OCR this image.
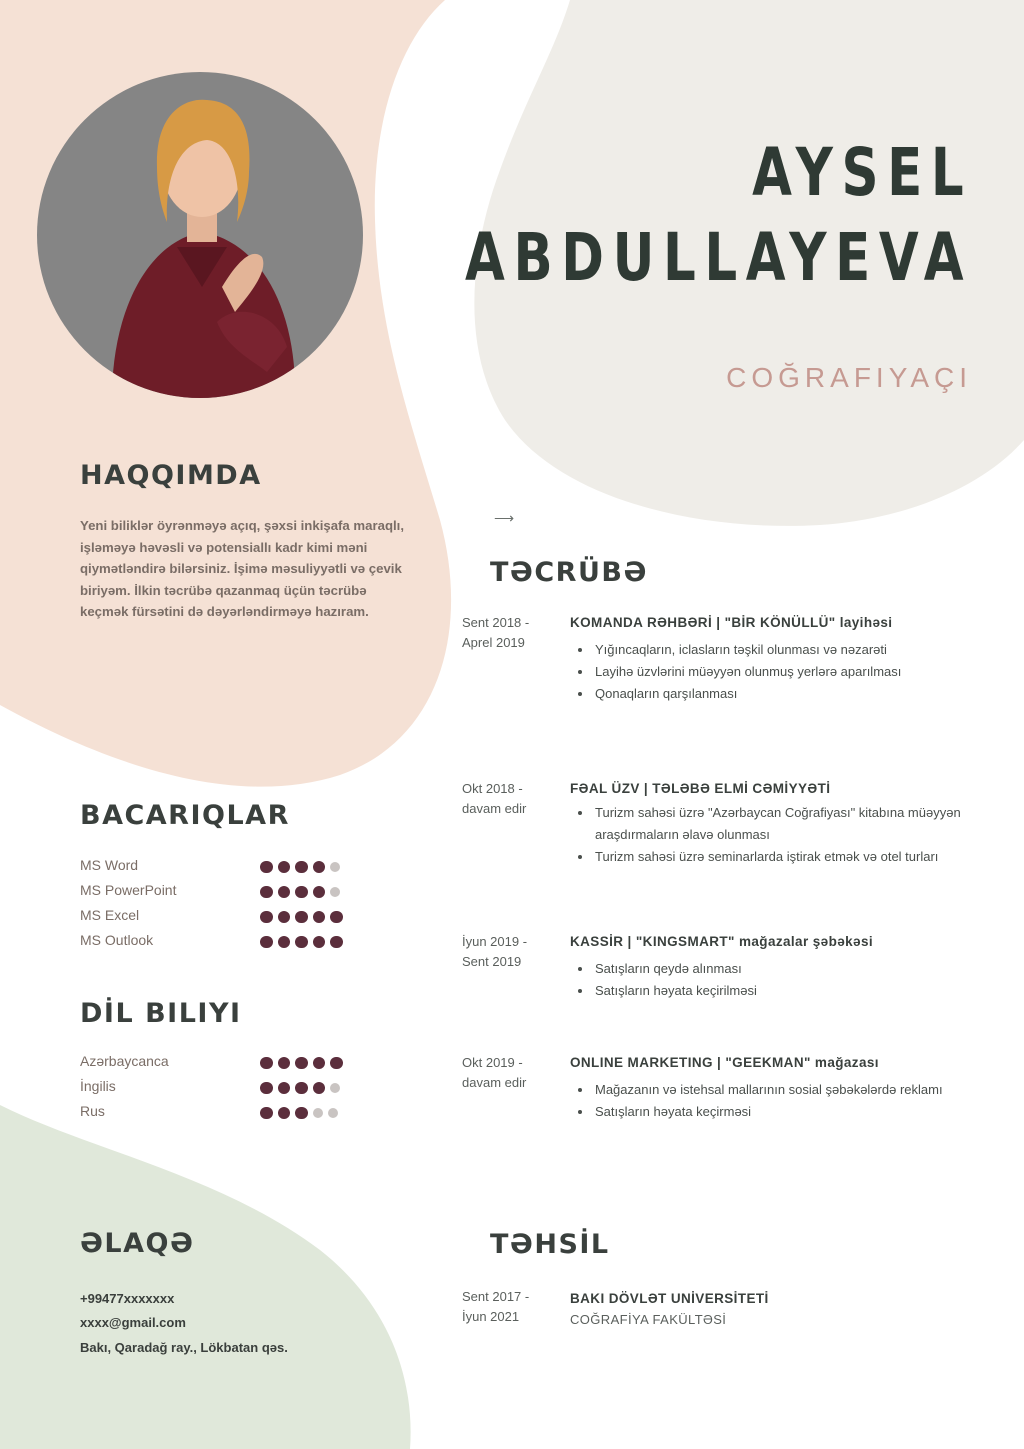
AYSEL
ABDULLAYEVA
COĞRAFIYAÇI
HAQQIMDA
Yeni biliklər öyrənməyə açıq, şəxsi inkişafa maraqlı, işləməyə həvəsli və potensiallı kadr kimi məni qiymətləndirə bilərsiniz. İşimə məsuliyyətli və çevik biriyəm. İlkin təcrübə qazanmaq üçün təcrübə keçmək fürsətini də dəyərləndirməyə hazıram.
BACARIQLAR
MS Word
MS PowerPoint
MS Excel
MS Outlook
DİL BILIYI
Azərbaycanca
İngilis
Rus
ƏLAQƏ
+99477xxxxxxx
xxxx@gmail.com
Bakı, Qaradağ ray., Lökbatan qəs.
⟶
TƏCRÜBƏ
Sent 2018 -
Aprel 2019
KOMANDA RƏHBƏRİ | "BİR KÖNÜLLÜ" layihəsi
• Yığıncaqların, iclasların təşkil olunması və nəzarəti
• Layihə üzvlərini müəyyən olunmuş yerlərə aparılması
• Qonaqların qarşılanması
Okt 2018 -
davam edir
FƏAL ÜZV | TƏLƏBƏ ELMİ CƏMİYYƏTİ
• Turizm sahəsi üzrə "Azərbaycan Coğrafiyası" kitabına müəyyən araşdırmaların əlavə olunması
• Turizm sahəsi üzrə seminarlarda iştirak etmək və otel turları
İyun 2019 -
Sent 2019
KASSİR | "KINGSMART" mağazalar şəbəkəsi
• Satışların qeydə alınması
• Satışların həyata keçirilməsi
Okt 2019 -
davam edir
ONLINE MARKETING | "GEEKMAN" mağazası
• Mağazanın və istehsal mallarının sosial şəbəkələrdə reklamı
• Satışların həyata keçirməsi
TƏHSİL
Sent 2017 -
İyun 2021
BAKI DÖVLƏT UNİVERSİTETİ
COĞRAFİYA FAKÜLTƏSİ
